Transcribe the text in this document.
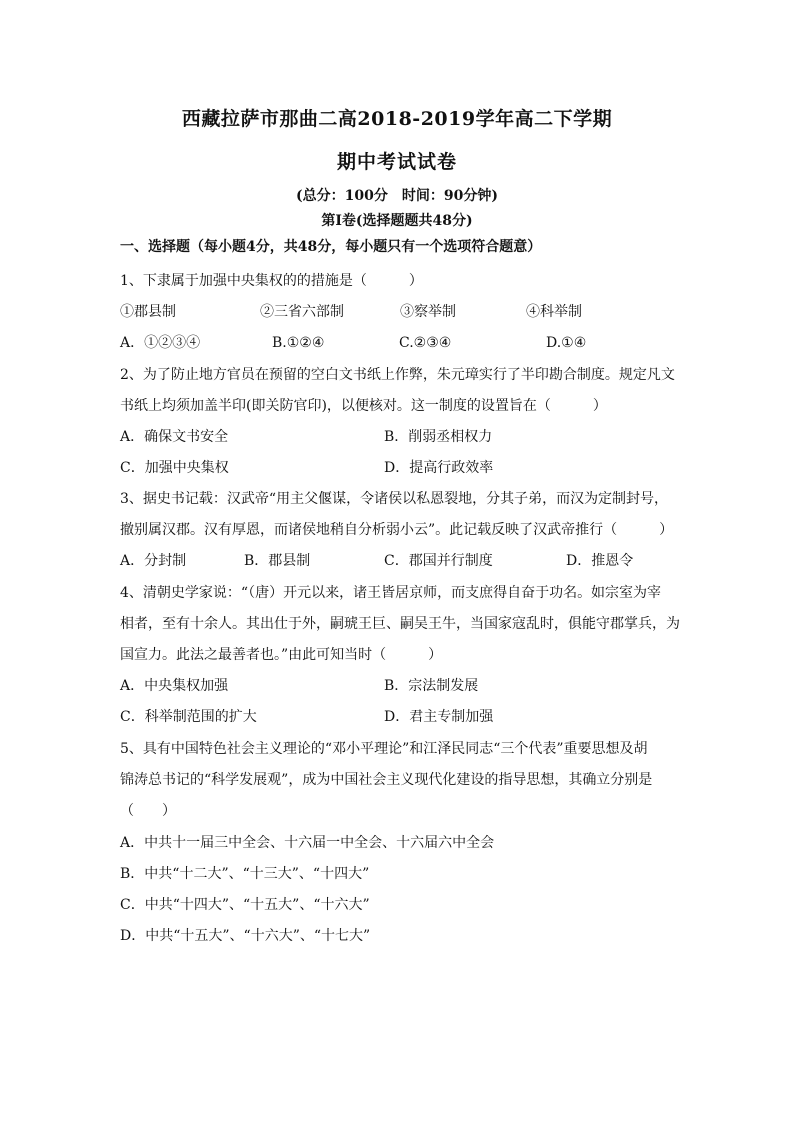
西藏拉萨市那曲二高2018-2019学年高二下学期
期中考试试卷
(总分：100分　时间：90分钟)
第I卷(选择题题共48分)
一、选择题（每小题4分，共48分，每小题只有一个选项符合题意）
1、下隶属于加强中央集权的的措施是（　　　）
①郡县制	②三省六部制	③察举制	④科举制
A．①②③④	B.①②④	C.②③④	D.①④
2、为了防止地方官员在预留的空白文书纸上作弊，朱元璋实行了半印勘合制度。规定凡文
书纸上均须加盖半印(即关防官印)，以便核对。这一制度的设置旨在（　　　）
A．确保文书安全	B．削弱丞相权力
C．加强中央集权	D．提高行政效率
3、据史书记载：汉武帝“用主父偃谋，令诸侯以私恩裂地，分其子弟，而汉为定制封号，
撤别属汉郡。汉有厚恩，而诸侯地稍自分析弱小云”。此记载反映了汉武帝推行（　　　）
A．分封制	B．郡县制	C．郡国并行制度	D．推恩令
4、清朝史学家说：“（唐）开元以来，诸王皆居京师，而支庶得自奋于功名。如宗室为宰
相者，至有十余人。其出仕于外，嗣琥王巨、嗣吴王牛，当国家寇乱时，俱能守郡掌兵，为
国宣力。此法之最善者也。”由此可知当时（　　　）
A．中央集权加强	B．宗法制发展
C．科举制范围的扩大	D．君主专制加强
5、具有中国特色社会主义理论的“邓小平理论”和江泽民同志“三个代表”重要思想及胡
锦涛总书记的“科学发展观”，成为中国社会主义现代化建设的指导思想，其确立分别是
（　　）
A．中共十一届三中全会、十六届一中全会、十六届六中全会
B．中共“十二大”、“十三大”、“十四大”
C．中共“十四大”、“十五大”、“十六大”
D．中共“十五大”、“十六大”、“十七大”
